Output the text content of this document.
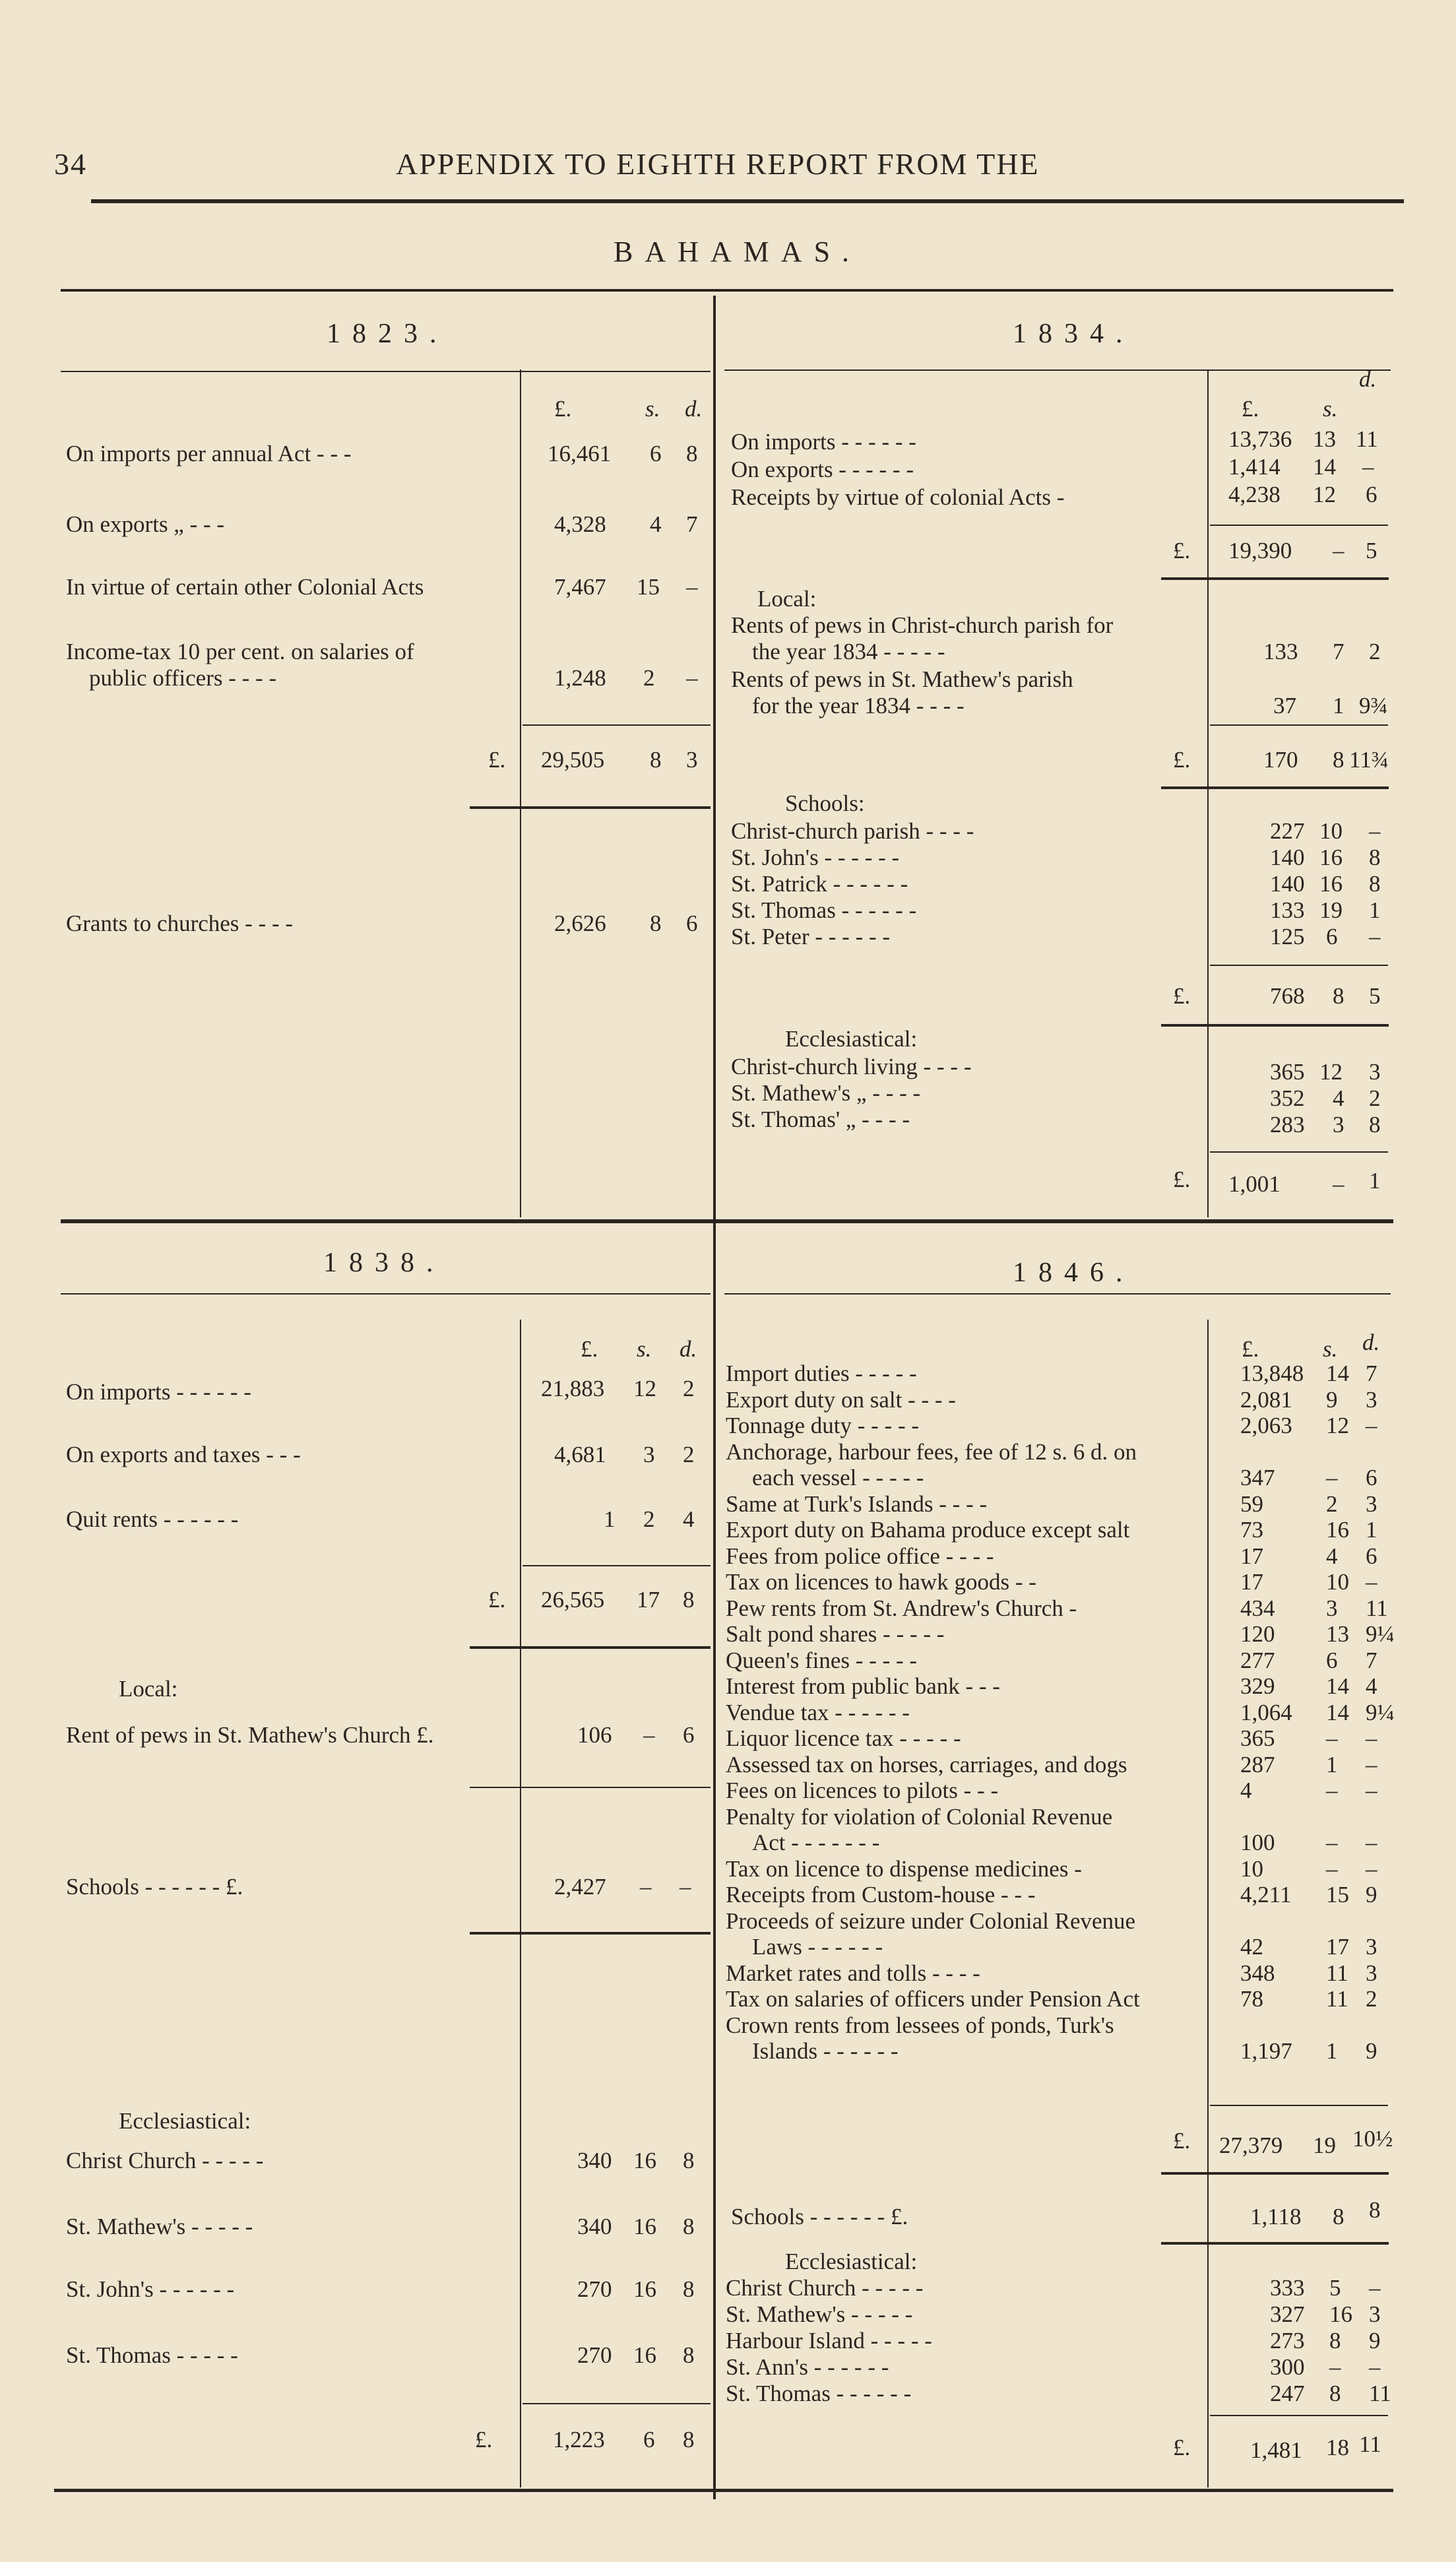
34	APPENDIX TO EIGHTH REPORT FROM THE
BAHAMAS.
1823.
£.	s. d.
On imports per annual Act - - -	16,461 6 8
On exports „ - - -	4,328 4 7
In virtue of certain other Colonial Acts	7,467 15 –
Income-tax 10 per cent. on salaries of
public officers - - - -	1,248 2 –
£. 29,505 8 3
Grants to churches - - - -	2,626 8 6
1834.
d.
£.	s.
On imports - - - - - -	13,736 13 11
On exports - - - - - -	1,414 14 –
Receipts by virtue of colonial Acts -	4,238 12 6
£. 19,390 – 5
Local:
Rents of pews in Christ-church parish for
the year 1834 - - - - -	133 7 2
Rents of pews in St. Mathew's parish
for the year 1834 - - - -	37 1 9¾
£.	170 8 11¾
Schools:
Christ-church parish - - - -	227 10 –
St. John's - - - - - -	140 16 8
St. Patrick - - - - - -	140 16 8
St. Thomas - - - - - -	133 19 1
St. Peter - - - - - -	125 6 –
£.	768 8 5
Ecclesiastical:
Christ-church living - - - -	365 12 3
St. Mathew's „ - - - -	352 4 2
St. Thomas' „ - - - -	283 3 8
£. 1,001 – 1
1838.
£. s. d.
On imports - - - - - -	21,883 12 2
On exports and taxes - - -	4,681 3 2
Quit rents - - - - - -	1 2 4
£. 26,565 17 8
Local:
Rent of pews in St. Mathew's Church £.	106 – 6
Schools - - - - - - £.	2,427 – –
Ecclesiastical:
Christ Church - - - - -	340 16 8
St. Mathew's - - - - -	340 16 8
St. John's - - - - - -	270 16 8
St. Thomas - - - - -	270 16 8
£.	1,223 6 8
1846.
£.	s. d.
Import duties - - - - -	13,848 14 7
Export duty on salt - - - -	2,081 9 3
Tonnage duty - - - - -	2,063 12 –
Anchorage, harbour fees, fee of 12 s. 6 d. on
each vessel - - - - -	347 – 6
Same at Turk's Islands - - - -	59	2 3
Export duty on Bahama produce except salt	73	16 1
Fees from police office - - - -	17	4 6
Tax on licences to hawk goods - -	17	10 –
Pew rents from St. Andrew's Church -	434 3 11
Salt pond shares - - - - -	120 13 9¼
Queen's fines - - - - -	277 6 7
Interest from public bank - - -	329 14 4
Vendue tax - - - - - -	1,064 14 9¼
Liquor licence tax - - - - -	365 – –
Assessed tax on horses, carriages, and dogs	287 1 –
Fees on licences to pilots - - -	4	– –
Penalty for violation of Colonial Revenue
Act - - - - - - -	100 – –
Tax on licence to dispense medicines -	10	– –
Receipts from Custom-house - - -	4,211 15 9
Proceeds of seizure under Colonial Revenue
Laws - - - - - -	42	17 3
Market rates and tolls - - - -	348 11 3
Tax on salaries of officers under Pension Act	78	11 2
Crown rents from lessees of ponds, Turk's
Islands - - - - - -	1,197 1 9
£. 27,379 19 10½
Schools - - - - - - £.	1,118 8 8
Ecclesiastical:
Christ Church - - - - -	333 5 –
St. Mathew's - - - - -	327 16 3
Harbour Island - - - - -	273 8 9
St. Ann's - - - - - -	300 – –
St. Thomas - - - - - -	247 8 11
£.	1,481 18 11
